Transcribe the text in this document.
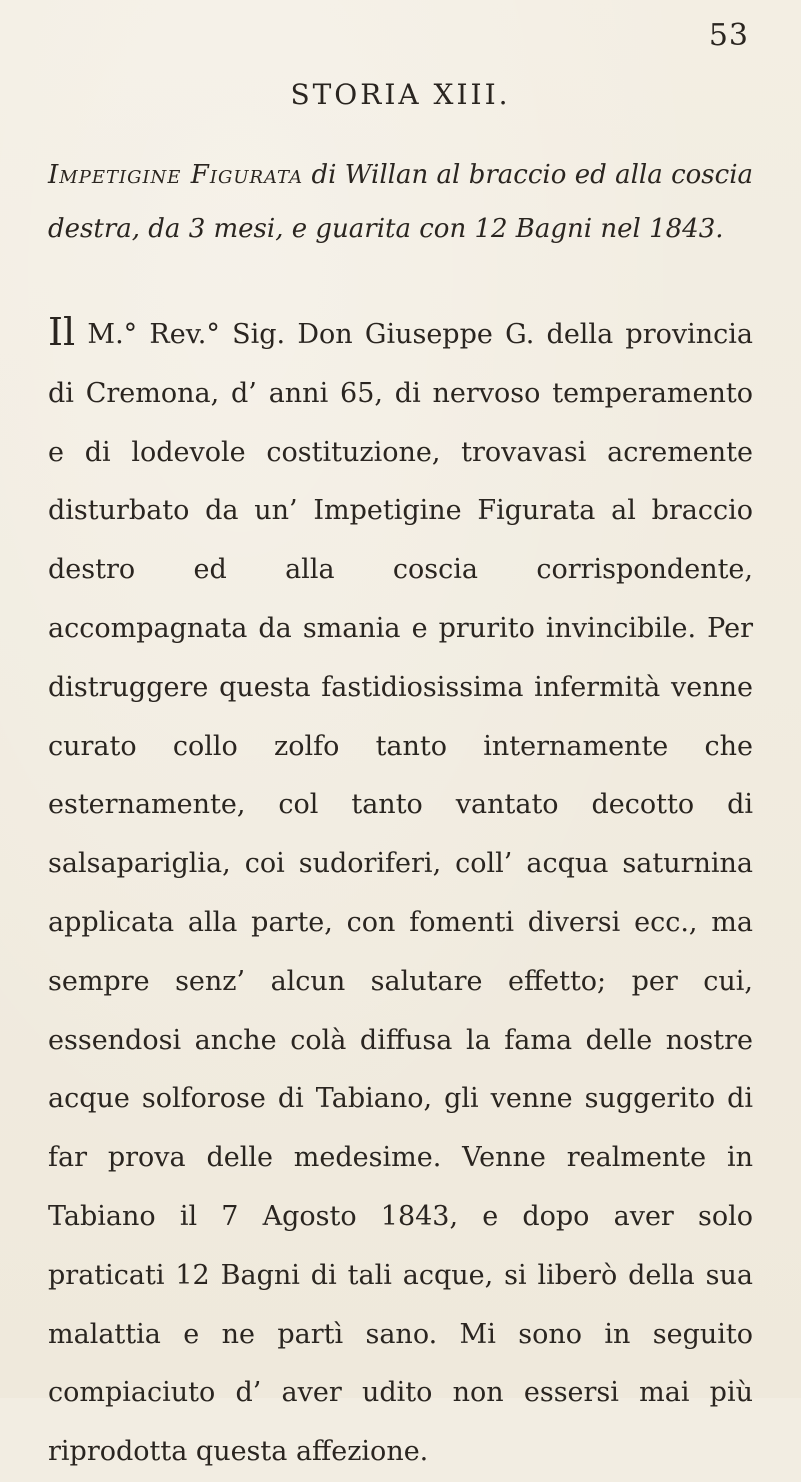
53
STORIA XIII.
Impetigine Figurata di Willan al braccio ed alla coscia destra, da 3 mesi, e guarita con 12 Bagni nel 1843.
Il M.° Rev.° Sig. Don Giuseppe G. della provincia di Cremona, d’ anni 65, di nervoso temperamento e di lodevole costituzione, trovavasi acremente disturbato da un’ Impetigine Figurata al braccio destro ed alla coscia corrispondente, accompagnata da smania e prurito invincibile. Per distruggere questa fastidiosissima infermità venne curato collo zolfo tanto internamente che esternamente, col tanto vantato decotto di salsapariglia, coi sudoriferi, coll’ acqua saturnina applicata alla parte, con fomenti diversi ecc., ma sempre senz’ alcun salutare effetto; per cui, essendosi anche colà diffusa la fama delle nostre acque solforose di Tabiano, gli venne suggerito di far prova delle medesime. Venne realmente in Tabiano il 7 Agosto 1843, e dopo aver solo praticati 12 Bagni di tali acque, si liberò della sua malattia e ne partì sano. Mi sono in seguito compiaciuto d’ aver udito non essersi mai più riprodotta questa affezione.
